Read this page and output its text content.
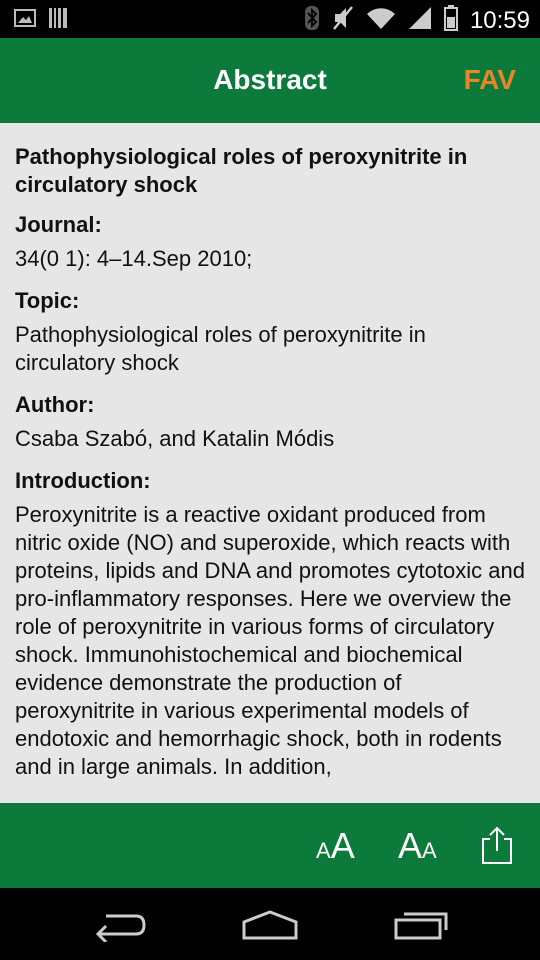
10:59
Abstract	FAV

Pathophysiological roles of peroxynitrite in circulatory shock

Journal:

34(0 1): 4–14.Sep 2010;

Topic:

Pathophysiological roles of peroxynitrite in circulatory shock

Author:

Csaba Szabó, and Katalin Módis

Introduction:

Peroxynitrite is a reactive oxidant produced from nitric oxide (NO) and superoxide, which reacts with proteins, lipids and DNA and promotes cytotoxic and pro-inflammatory responses. Here we overview the role of peroxynitrite in various forms of circulatory shock. Immunohistochemical and biochemical evidence demonstrate the production of peroxynitrite in various experimental models of endotoxic and hemorrhagic shock, both in rodents and in large animals. In addition,

AA AA
